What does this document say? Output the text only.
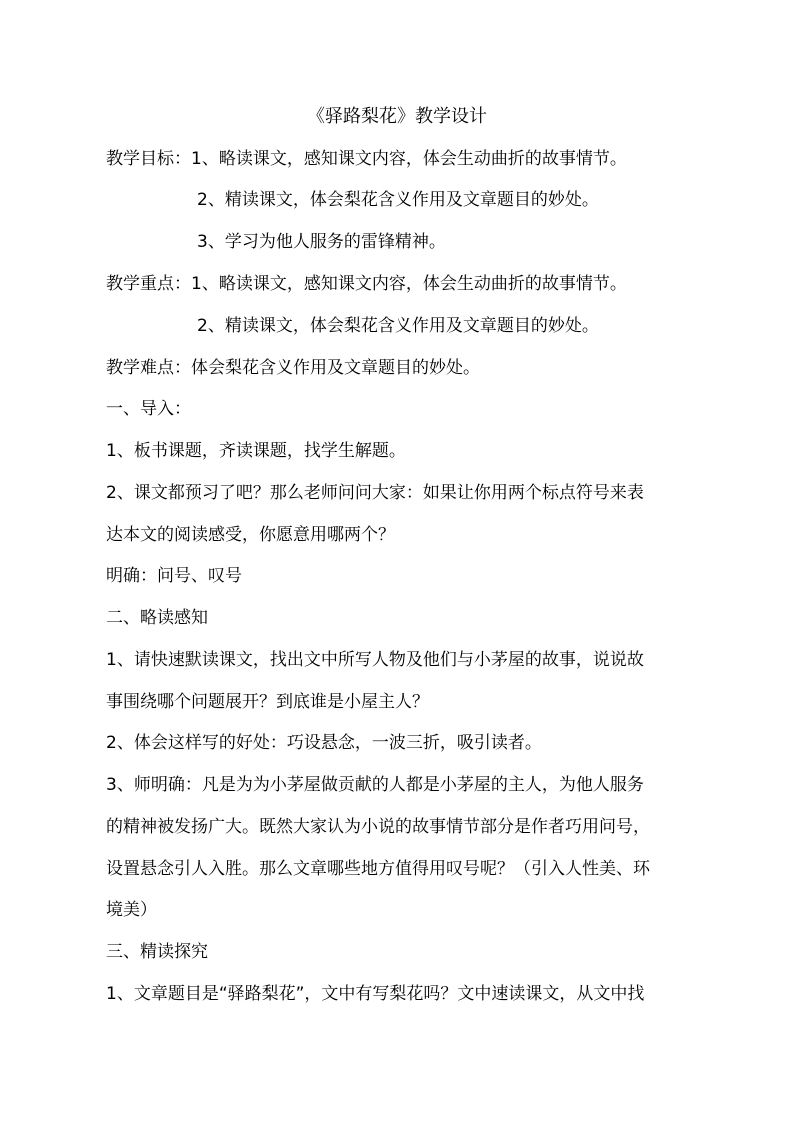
《驿路梨花》教学设计
教学目标：1、略读课文，感知课文内容，体会生动曲折的故事情节。
2、精读课文，体会梨花含义作用及文章题目的妙处。
3、学习为他人服务的雷锋精神。
教学重点：1、略读课文，感知课文内容，体会生动曲折的故事情节。
2、精读课文，体会梨花含义作用及文章题目的妙处。
教学难点：体会梨花含义作用及文章题目的妙处。
一、导入：
1、板书课题，齐读课题，找学生解题。
2、课文都预习了吧？那么老师问问大家：如果让你用两个标点符号来表
达本文的阅读感受，你愿意用哪两个？
明确：问号、叹号
二、略读感知
1、请快速默读课文，找出文中所写人物及他们与小茅屋的故事，说说故
事围绕哪个问题展开？到底谁是小屋主人？
2、体会这样写的好处：巧设悬念，一波三折，吸引读者。
3、师明确：凡是为为小茅屋做贡献的人都是小茅屋的主人，为他人服务
的精神被发扬广大。既然大家认为小说的故事情节部分是作者巧用问号，
设置悬念引人入胜。那么文章哪些地方值得用叹号呢？（引入人性美、环
境美）
三、精读探究
1、文章题目是“驿路梨花”，文中有写梨花吗？文中速读课文，从文中找
